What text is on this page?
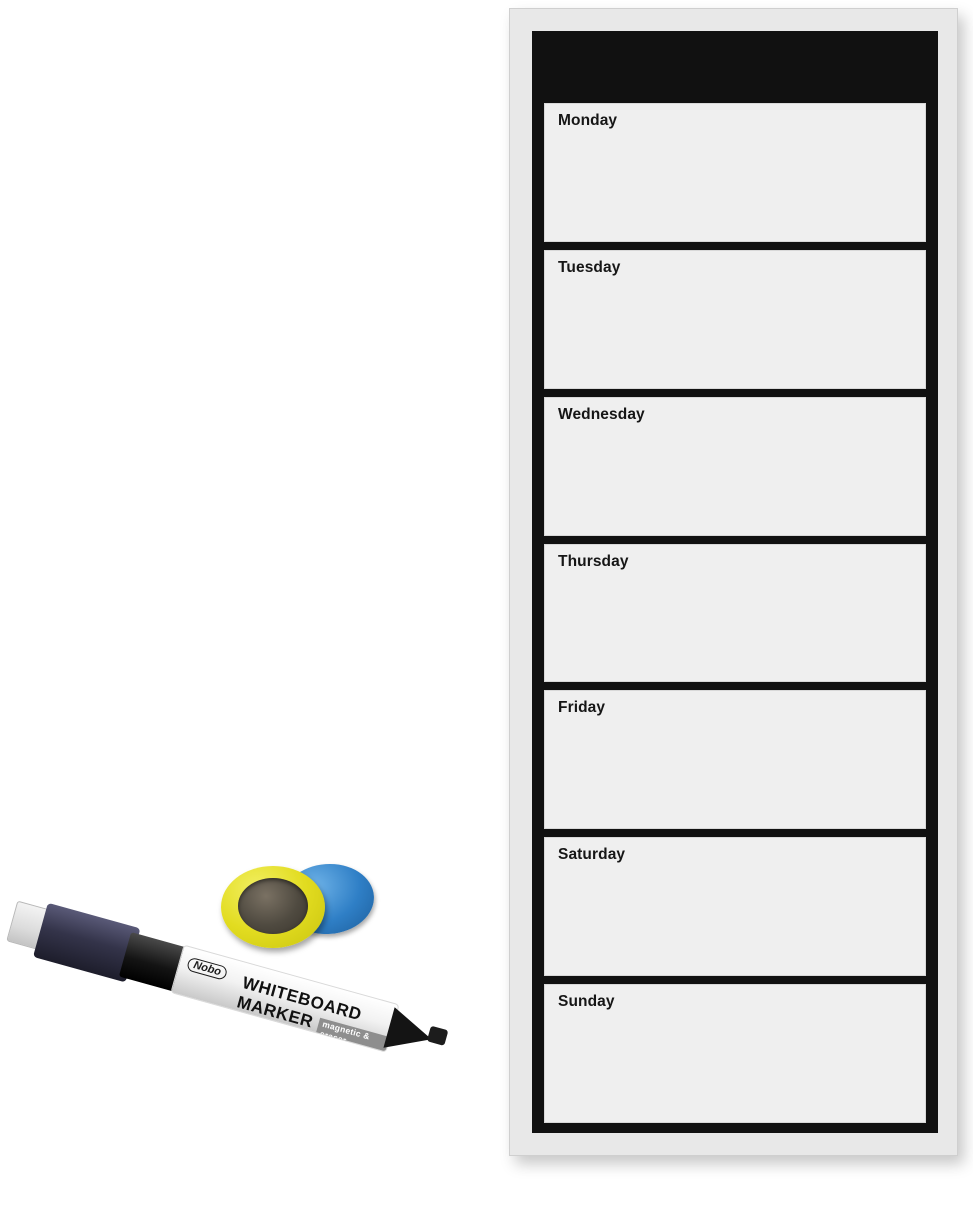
Monday
Tuesday
Wednesday
Thursday
Friday
Saturday
Sunday
Nobo
WHITEBOARD MARKER magnetic & eraser
